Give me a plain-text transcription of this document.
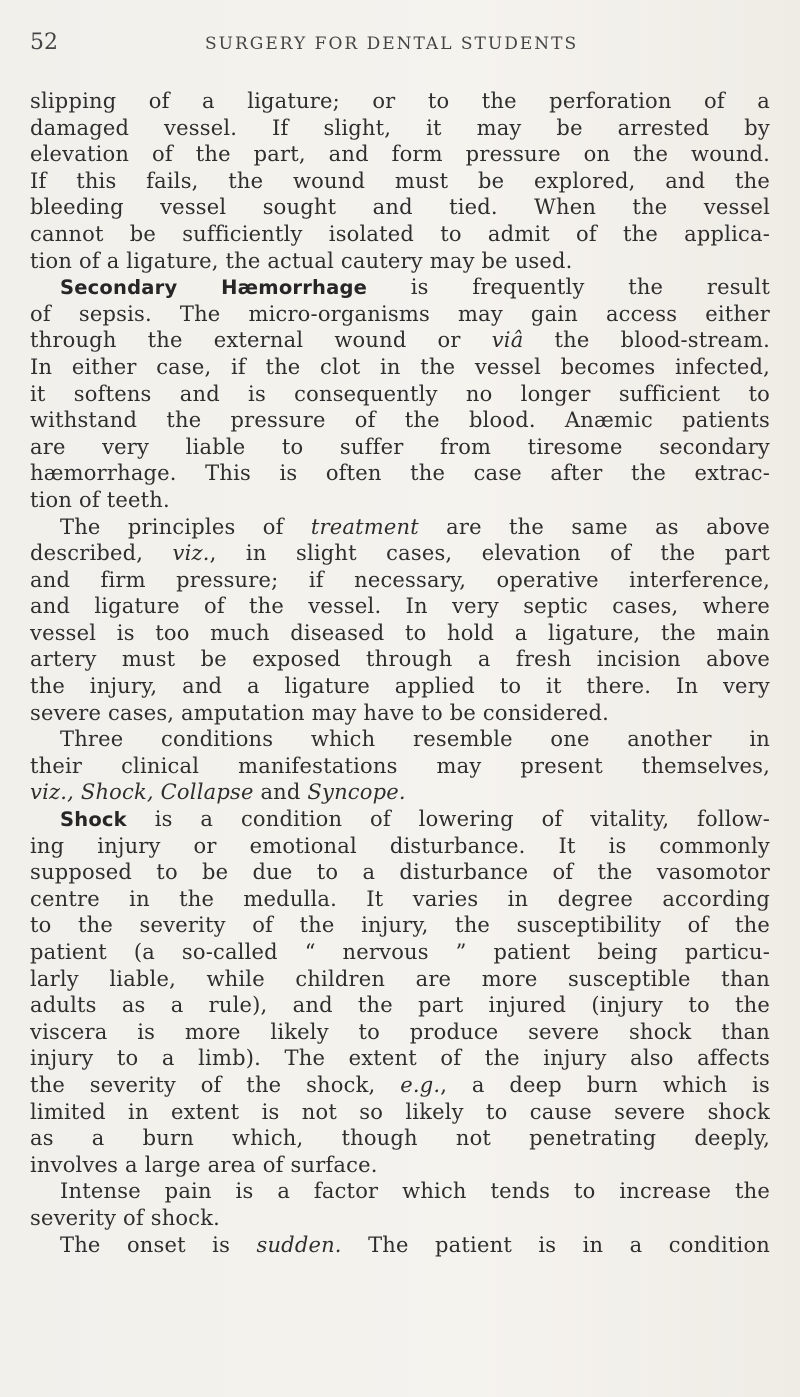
52	SURGERY FOR DENTAL STUDENTS
slipping of a ligature; or to the perforation of a
damaged vessel. If slight, it may be arrested by
elevation of the part, and form pressure on the wound.
If this fails, the wound must be explored, and the
bleeding vessel sought and tied. When the vessel
cannot be sufficiently isolated to admit of the applica-
tion of a ligature, the actual cautery may be used.
Secondary Hæmorrhage is frequently the result
of sepsis. The micro-organisms may gain access either
through the external wound or viâ the blood-stream.
In either case, if the clot in the vessel becomes infected,
it softens and is consequently no longer sufficient to
withstand the pressure of the blood. Anæmic patients
are very liable to suffer from tiresome secondary
hæmorrhage. This is often the case after the extrac-
tion of teeth.
The principles of treatment are the same as above
described, viz., in slight cases, elevation of the part
and firm pressure; if necessary, operative interference,
and ligature of the vessel. In very septic cases, where
vessel is too much diseased to hold a ligature, the main
artery must be exposed through a fresh incision above
the injury, and a ligature applied to it there. In very
severe cases, amputation may have to be considered.
Three conditions which resemble one another in
their clinical manifestations may present themselves,
viz., Shock, Collapse and Syncope.
Shock is a condition of lowering of vitality, follow-
ing injury or emotional disturbance. It is commonly
supposed to be due to a disturbance of the vasomotor
centre in the medulla. It varies in degree according
to the severity of the injury, the susceptibility of the
patient (a so-called “ nervous ” patient being particu-
larly liable, while children are more susceptible than
adults as a rule), and the part injured (injury to the
viscera is more likely to produce severe shock than
injury to a limb). The extent of the injury also affects
the severity of the shock, e.g., a deep burn which is
limited in extent is not so likely to cause severe shock
as a burn which, though not penetrating deeply,
involves a large area of surface.
Intense pain is a factor which tends to increase the
severity of shock.
The onset is sudden. The patient is in a condition
